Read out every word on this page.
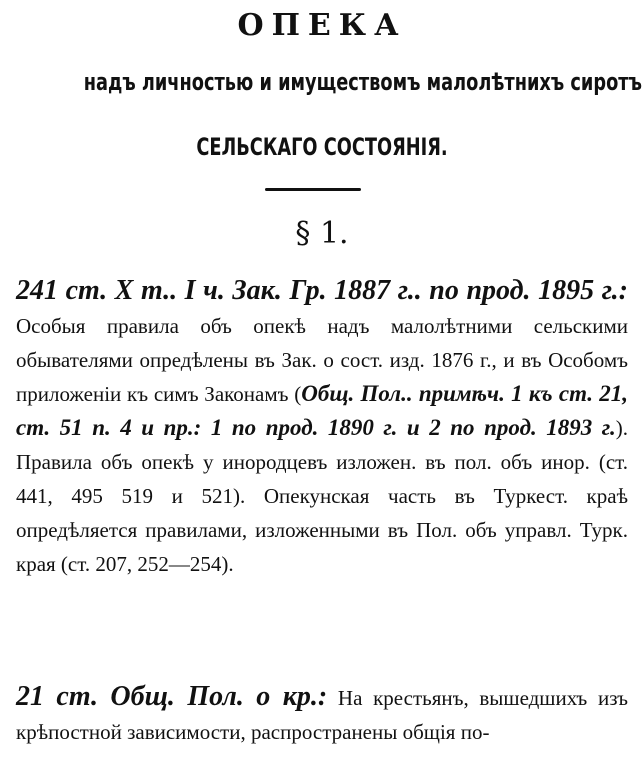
ОПЕКА
надъ личностью и имуществомъ малолѣтнихъ сиротъ
СЕЛЬСКАГО СОСТОЯНІЯ.
§ 1.

241 ст. X т.. I ч. Зак. Гр. 1887 г.. по прод. 1895 г.: Особыя правила объ опекѣ надъ малолѣтними сельскими обывателями опредѣлены въ Зак. о сост. изд. 1876 г., и въ Особомъ приложеніи къ симъ Законамъ (Общ. Пол.. примѣч. 1 къ ст. 21, ст. 51 п. 4 и пр.: 1 по прод. 1890 г. и 2 по прод. 1893 г.). Правила объ опекѣ у инородцевъ изложен. въ пол. объ инор. (ст. 441, 495 519 и 521). Опекунская часть въ Туркест. краѣ опредѣляется правилами, изложенными въ Пол. объ управл. Турк. края (ст. 207, 252—254).

21 ст. Общ. Пол. о кр.: На крестьянъ, вышедшихъ изъ крѣпостной зависимости, распространены общія по-
